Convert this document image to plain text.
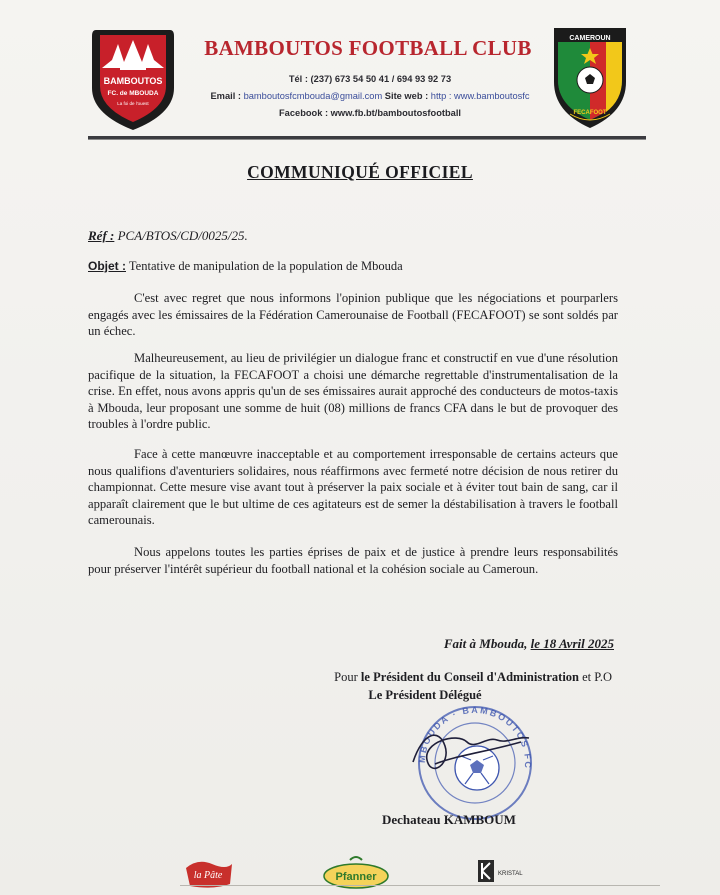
BAMBOUTOS
FC. de MBOUDA
La foi de l'ouest
CAMEROUN
FECAFOOT
BAMBOUTOS FOOTBALL CLUB
Tél : (237) 673 54 50 41 / 694 93 92 73
Email : bamboutosfcmbouda@gmail.com Site web : http : www.bamboutosfc
Facebook : www.fb.bt/bamboutosfootball
COMMUNIQUÉ OFFICIEL
Réf : PCA/BTOS/CD/0025/25.
Objet : Tentative de manipulation de la population de Mbouda

C'est avec regret que nous informons l'opinion publique que les négociations et pourparlers engagés avec les émissaires de la Fédération Camerounaise de Football (FECAFOOT) se sont soldés par un échec.

Malheureusement, au lieu de privilégier un dialogue franc et constructif en vue d'une résolution pacifique de la situation, la FECAFOOT a choisi une démarche regrettable d'instrumentalisation de la crise. En effet, nous avons appris qu'un de ses émissaires aurait approché des conducteurs de motos-taxis à Mbouda, leur proposant une somme de huit (08) millions de francs CFA dans le but de provoquer des troubles à l'ordre public.

Face à cette manœuvre inacceptable et au comportement irresponsable de certains acteurs que nous qualifions d'aventuriers solidaires, nous réaffirmons avec fermeté notre décision de nous retirer du championnat. Cette mesure vise avant tout à préserver la paix sociale et à éviter tout bain de sang, car il apparaît clairement que le but ultime de ces agitateurs est de semer la déstabilisation à travers le football camerounais.

Nous appelons toutes les parties éprises de paix et de justice à prendre leurs responsabilités pour préserver l'intérêt supérieur du football national et la cohésion sociale au Cameroun.

Fait à Mbouda, le 18 Avril 2025
Pour le Président du Conseil d'Administration et P.O
Le Président Délégué
MBOUDA · BAMBOUTOS FC
Dechateau KAMBOUM
la Pâte	Pfanner	KRISTAL
